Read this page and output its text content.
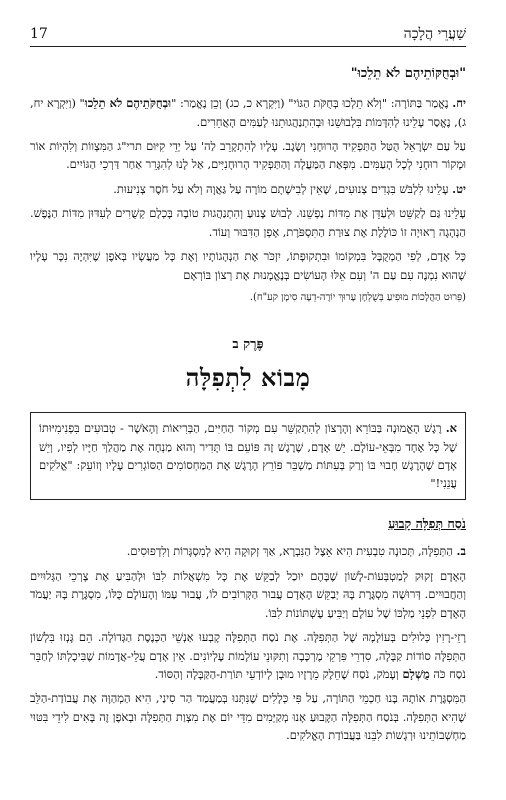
שַׁעֲרֵי הֲלָכָה
17
"וּבְחֻקּוֹתֵיהֶם לֹא תֵלֵכוּ"

יח. נֶאֱמַר בַּתּוֹרָה: "וְלֹא תֵלְכוּ בְּחֻקֹּת הַגּוֹי" (וַיִּקְרָא כ, כג) וְכֵן נֶאֱמַר: "וּבְחֻקֹּתֵיהֶם לֹא תֵלֵכוּ" (וַיִּקְרָא יח, ג), נֶאֱסַר עָלֵינוּ לְהִדָּמוֹת בִּלְבוּשֵׁנוּ וּבְהִתְנַהֲגוּתֵנוּ לָעַמִּים הָאֲחֵרִים.

עַל עַם יִשְׂרָאֵל הֻטַּל הַתַּפְקִיד הָרוּחָנִי וְשֶׂגֶב. עָלָיו לְהִתְקָרֵב לַה' עַל יְדֵי קִיּוּם תרי"ג הַמִּצְווֹת וְלִהְיוֹת אוֹר וּמָקוֹר רוּחָנִי לְכָל הָעַמִּים. מִפְּאַת הַמַּעֲלָה וְהַתַּפְקִיד הָרוּחָנִיִּים, אַל לָנוּ לְהִגָּרֵר אַחַר דַּרְכֵי הַגּוֹיִים.

יט. עָלֵינוּ לִלְבֹּשׁ בִּגְדִים צְנוּעִים, שֶׁאֵין לְבִישָׁתָם מוֹרָה עַל גַּאֲוָה וְלֹא עַל חֹסֶר צְנִיעוּת.

עָלֵינוּ גַּם לְקַשֵּׁט וּלְעַדֵּן אֶת מִדּוֹת נַפְשֵׁנוּ. לְבוּשׁ צָנוּעַ וְהִתְנַהֲגוּת טוֹבָה בָּכְלָם קְשֻׁרִים לְעִדּוּן מִדּוֹת הַנֶּפֶשׁ. הַנְהָגָה רְאוּיָה זוֹ כּוֹלֶלֶת אֶת צוּרַת הַתִּסְפֹּרֶת, אָפְן הַדִּבּוּר וְעוֹד.

כָּל אָדָם, לְפִי הַמְקֻבָּל בִּמְקוֹמוֹ וּבִתְקוּפָתוֹ, יִזְכֹּר אֶת הַנְהָגוֹתָיו וְאֶת כָּל מַעֲשָׂיו בְּאֹפֶן שֶׁיִּהְיֶה נִכָּר עָלָיו שֶׁהוּא נִמְנֶה עִם עַם ה' וְעִם אֵלּוּ הָעוֹשִׂים בְּנֶאֱמָנוּת אֶת רְצוֹן בּוֹרְאָם

(פֵּרוּט הַהֲלָכוֹת מוּפִיעַ בְּשֻׁלְחָן עָרוּךְ יוֹרֶה-דֵעָה סִימָן קע"ח).

פֶּרֶק ב
מָבוֹא לִתְפִלָּה

א. רֶגֶשׁ הָאֱמוּנָה בַּבּוֹרֵא וְהָרָצוֹן לְהִתְקַשֵּׁר עִם מְקוֹר הַחַיִּים, הַבְּרִיאוֹת וְהָאֹשֶׁר - טְבוּעִים בִּפְנִימִיּוּתוֹ שֶׁל כָּל אֶחָד מִבָּאֵי-עוֹלָם. יֵשׁ אָדָם, שֶׁרֶגֶשׁ זֶה פּוֹעֵם בּוֹ תָּדִיר וְהוּא מַנְחֶה אֶת מַהֲלַךְ חַיָּיו לְפִיו, וְיֵשׁ אָדָם שֶׁהָרֶגֶשׁ חָבוּי בּוֹ וְרַק בְּעִתּוֹת מַשְׁבֵּר פּוֹרֵץ הָרֶגֶשׁ אֶת הַמַּחְסוֹמִים הַסּוֹגְרִים עָלָיו וְזוֹעֵק: "אֱלֹקִים עֲנֵנִי!"

נֹסַח תְּפִלָּה קָבוּעַ

ב. הַתְּפִלָּה, תְּכוּנָה טִבְעִית הִיא אֵצֶל הַנִּבְרָא, אַךְ זְקוּקָה הִיא לְמִסְגָּרוֹת וְלִדְפוּסִים.

הָאָדָם זָקוּק לְמַטְבְּעוֹת-לָשׁוֹן שֶׁבָּהֶם יוּכַל לְבַקֵּשׁ אֶת כָּל מִשְׁאֲלוֹת לִבּוֹ וּלְהַבִּיעַ אֶת צָרְכֵי הַגְּלוּיִים וְהַחֲבוּיִים. דְּרוּשָׁה מִסְגֶּרֶת בָּהּ יְבַקֵּשׁ הָאָדָם עֲבוּר הַקְּרוֹבִים לוֹ, עֲבוּר עַמּוֹ וְהָעוֹלָם כֻּלּוֹ, מִסְגֶּרֶת בָּהּ יַעֲמֹד הָאָדָם לִפְנֵי מַלְכּוֹ שֶׁל עוֹלָם וְיַבִּיעַ עֶשְׁתּוֹנוֹת לִבּוֹ.

רָזֵי-רָזִין כְּלוּלִים בְּעוֹלָמָהּ שֶׁל הַתְּפִלָּה. אֶת נֹסַח הַתְּפִלָּה קָבְעוּ אַנְשֵׁי הַכְּנֶסֶת הַגְּדוֹלָה. הֵם גָּנְזוּ בִּלְשׁוֹן הַתְּפִלָּה סוֹדוֹת קַבָּלָה, סִדְרֵי פִּרְקֵי מֶרְכָּבָה וְתִקּוּנֵי עוֹלָמוֹת עֶלְיוֹנִים. אֵין אָדָם עֲלֵי-אֲדָמוֹת שֶׁבִּיכָלְתּוֹ לְחַבֵּר נֹסַח כֹּה מֻשְׁלָם וְעָמֹק, נֹסַח שֶׁחֵלֶק מֵרָזָיו מוּבָן לְיוֹדְעֵי תּוֹרַת-הַקַּבָּלָה וְהַסּוֹד.

הַמִּסְגֶּרֶת אוֹתָהּ בָּנוּ חַכְמֵי הַתּוֹרָה, עַל פִּי כְּלָלִים שֶׁנִּתְּנוּ בְּמַעֲמַד הַר סִינַי, הִיא הַמְהַוָּה אֶת עֲבוֹדַת-הַלֵּב שֶׁהִיא הַתְּפִלָּה. בְּנֹסַח הַתְּפִלָּה הַקָּבוּעַ אָנוּ מְקַיְּמִים מִדֵּי יוֹם אֶת מִצְוַת הַתְּפִלָּה וּבְאֹפֶן זֶה בָּאִים לִידֵי בִּטּוּי מַחְשְׁבוֹתֵינוּ וּרְגָשׁוֹת לִבֵּנוּ בַּעֲבוֹדַת הָאֱלֹקִים.
